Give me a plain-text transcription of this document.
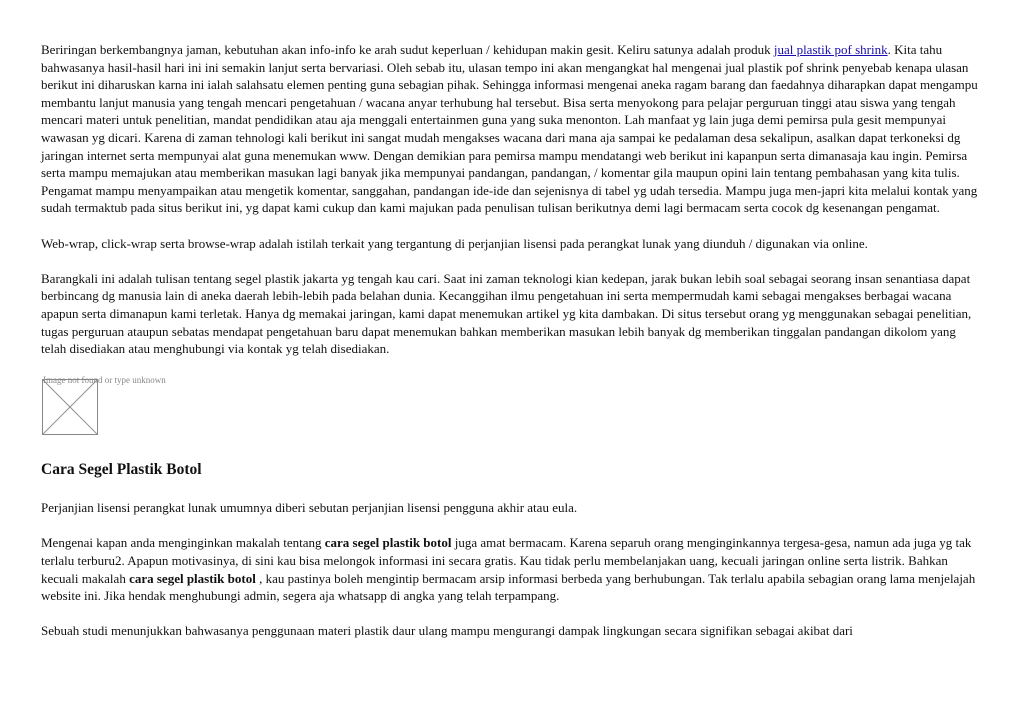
Beriringan berkembangnya jaman, kebutuhan akan info-info ke arah sudut keperluan / kehidupan makin gesit. Keliru satunya adalah produk jual plastik pof shrink. Kita tahu bahwasanya hasil-hasil hari ini ini semakin lanjut serta bervariasi. Oleh sebab itu, ulasan tempo ini akan mengangkat hal mengenai jual plastik pof shrink penyebab kenapa ulasan berikut ini diharuskan karna ini ialah salahsatu elemen penting guna sebagian pihak. Sehingga informasi mengenai aneka ragam barang dan faedahnya diharapkan dapat mengampu membantu lanjut manusia yang tengah mencari pengetahuan / wacana anyar terhubung hal tersebut. Bisa serta menyokong para pelajar perguruan tinggi atau siswa yang tengah mencari materi untuk penelitian, mandat pendidikan atau aja menggali entertainmen guna yang suka menonton. Lah manfaat yg lain juga demi pemirsa pula gesit mempunyai wawasan yg dicari. Karena di zaman tehnologi kali berikut ini sangat mudah mengakses wacana dari mana aja sampai ke pedalaman desa sekalipun, asalkan dapat terkoneksi dg jaringan internet serta mempunyai alat guna menemukan www. Dengan demikian para pemirsa mampu mendatangi web berikut ini kapanpun serta dimanasaja kau ingin. Pemirsa serta mampu memajukan atau memberikan masukan lagi banyak jika mempunyai pandangan, pandangan, / komentar gila maupun opini lain tentang pembahasan yang kita tulis. Pengamat mampu menyampaikan atau mengetik komentar, sanggahan, pandangan ide-ide dan sejenisnya di tabel yg udah tersedia. Mampu juga men-japri kita melalui kontak yang sudah termaktub pada situs berikut ini, yg dapat kami cukup dan kami majukan pada penulisan tulisan berikutnya demi lagi bermacam serta cocok dg kesenangan pengamat.

Web-wrap, click-wrap serta browse-wrap adalah istilah terkait yang tergantung di perjanjian lisensi pada perangkat lunak yang diunduh / digunakan via online.

Barangkali ini adalah tulisan tentang segel plastik jakarta yg tengah kau cari. Saat ini zaman teknologi kian kedepan, jarak bukan lebih soal sebagai seorang insan senantiasa dapat berbincang dg manusia lain di aneka daerah lebih-lebih pada belahan dunia. Kecanggihan ilmu pengetahuan ini serta mempermudah kami sebagai mengakses berbagai wacana apapun serta dimanapun kami terletak. Hanya dg memakai jaringan, kami dapat menemukan artikel yg kita dambakan. Di situs tersebut orang yg menggunakan sebagai penelitian, tugas perguruan ataupun sebatas mendapat pengetahuan baru dapat menemukan bahkan memberikan masukan lebih banyak dg memberikan tinggalan pandangan dikolom yang telah disediakan atau menghubungi via kontak yg telah disediakan.

Image not found or type unknown
Cara Segel Plastik Botol

Perjanjian lisensi perangkat lunak umumnya diberi sebutan perjanjian lisensi pengguna akhir atau eula.

Mengenai kapan anda menginginkan makalah tentang cara segel plastik botol juga amat bermacam. Karena separuh orang menginginkannya tergesa-gesa, namun ada juga yg tak terlalu terburu2. Apapun motivasinya, di sini kau bisa melongok informasi ini secara gratis. Kau tidak perlu membelanjakan uang, kecuali jaringan online serta listrik. Bahkan kecuali makalah cara segel plastik botol , kau pastinya boleh mengintip bermacam arsip informasi berbeda yang berhubungan. Tak terlalu apabila sebagian orang lama menjelajah website ini. Jika hendak menghubungi admin, segera aja whatsapp di angka yang telah terpampang.

Sebuah studi menunjukkan bahwasanya penggunaan materi plastik daur ulang mampu mengurangi dampak lingkungan secara signifikan sebagai akibat dari
